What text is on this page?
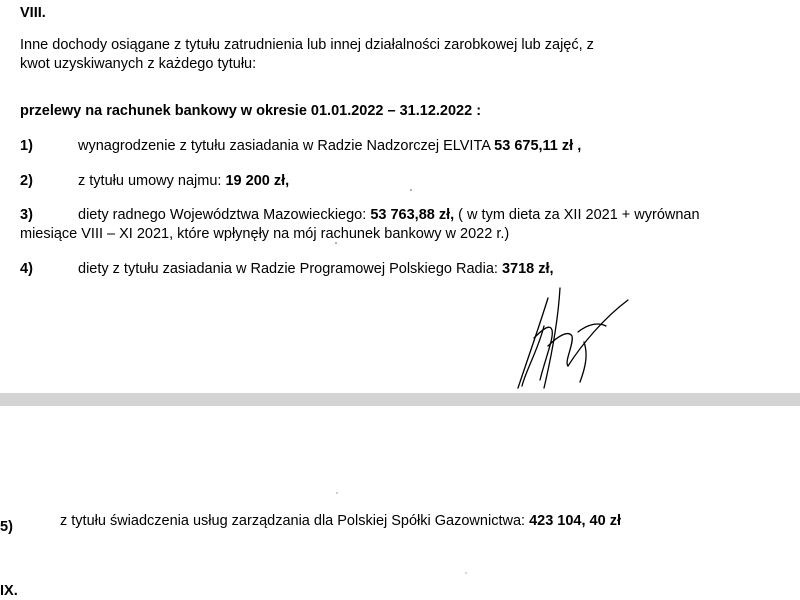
VIII.
Inne dochody osiągane z tytułu zatrudnienia lub innej działalności zarobkowej lub zajęć, z
kwot uzyskiwanych z każdego tytułu:
przelewy na rachunek bankowy w okresie 01.01.2022 – 31.12.2022 :
1)	wynagrodzenie z tytułu zasiadania w Radzie Nadzorczej ELVITA 53 675,11 zł ,
2)	z tytułu umowy najmu: 19 200 zł,
3)	diety radnego Województwa Mazowieckiego: 53 763,88 zł, ( w tym dieta za XII 2021 + wyrównan
miesiące VIII – XI 2021, które wpłynęły na mój rachunek bankowy w 2022 r.)
4)	diety z tytułu zasiadania w Radzie Programowej Polskiego Radia: 3718 zł,
5)	z tytułu świadczenia usług zarządzania dla Polskiej Spółki Gazownictwa: 423 104, 40 zł
IX.
